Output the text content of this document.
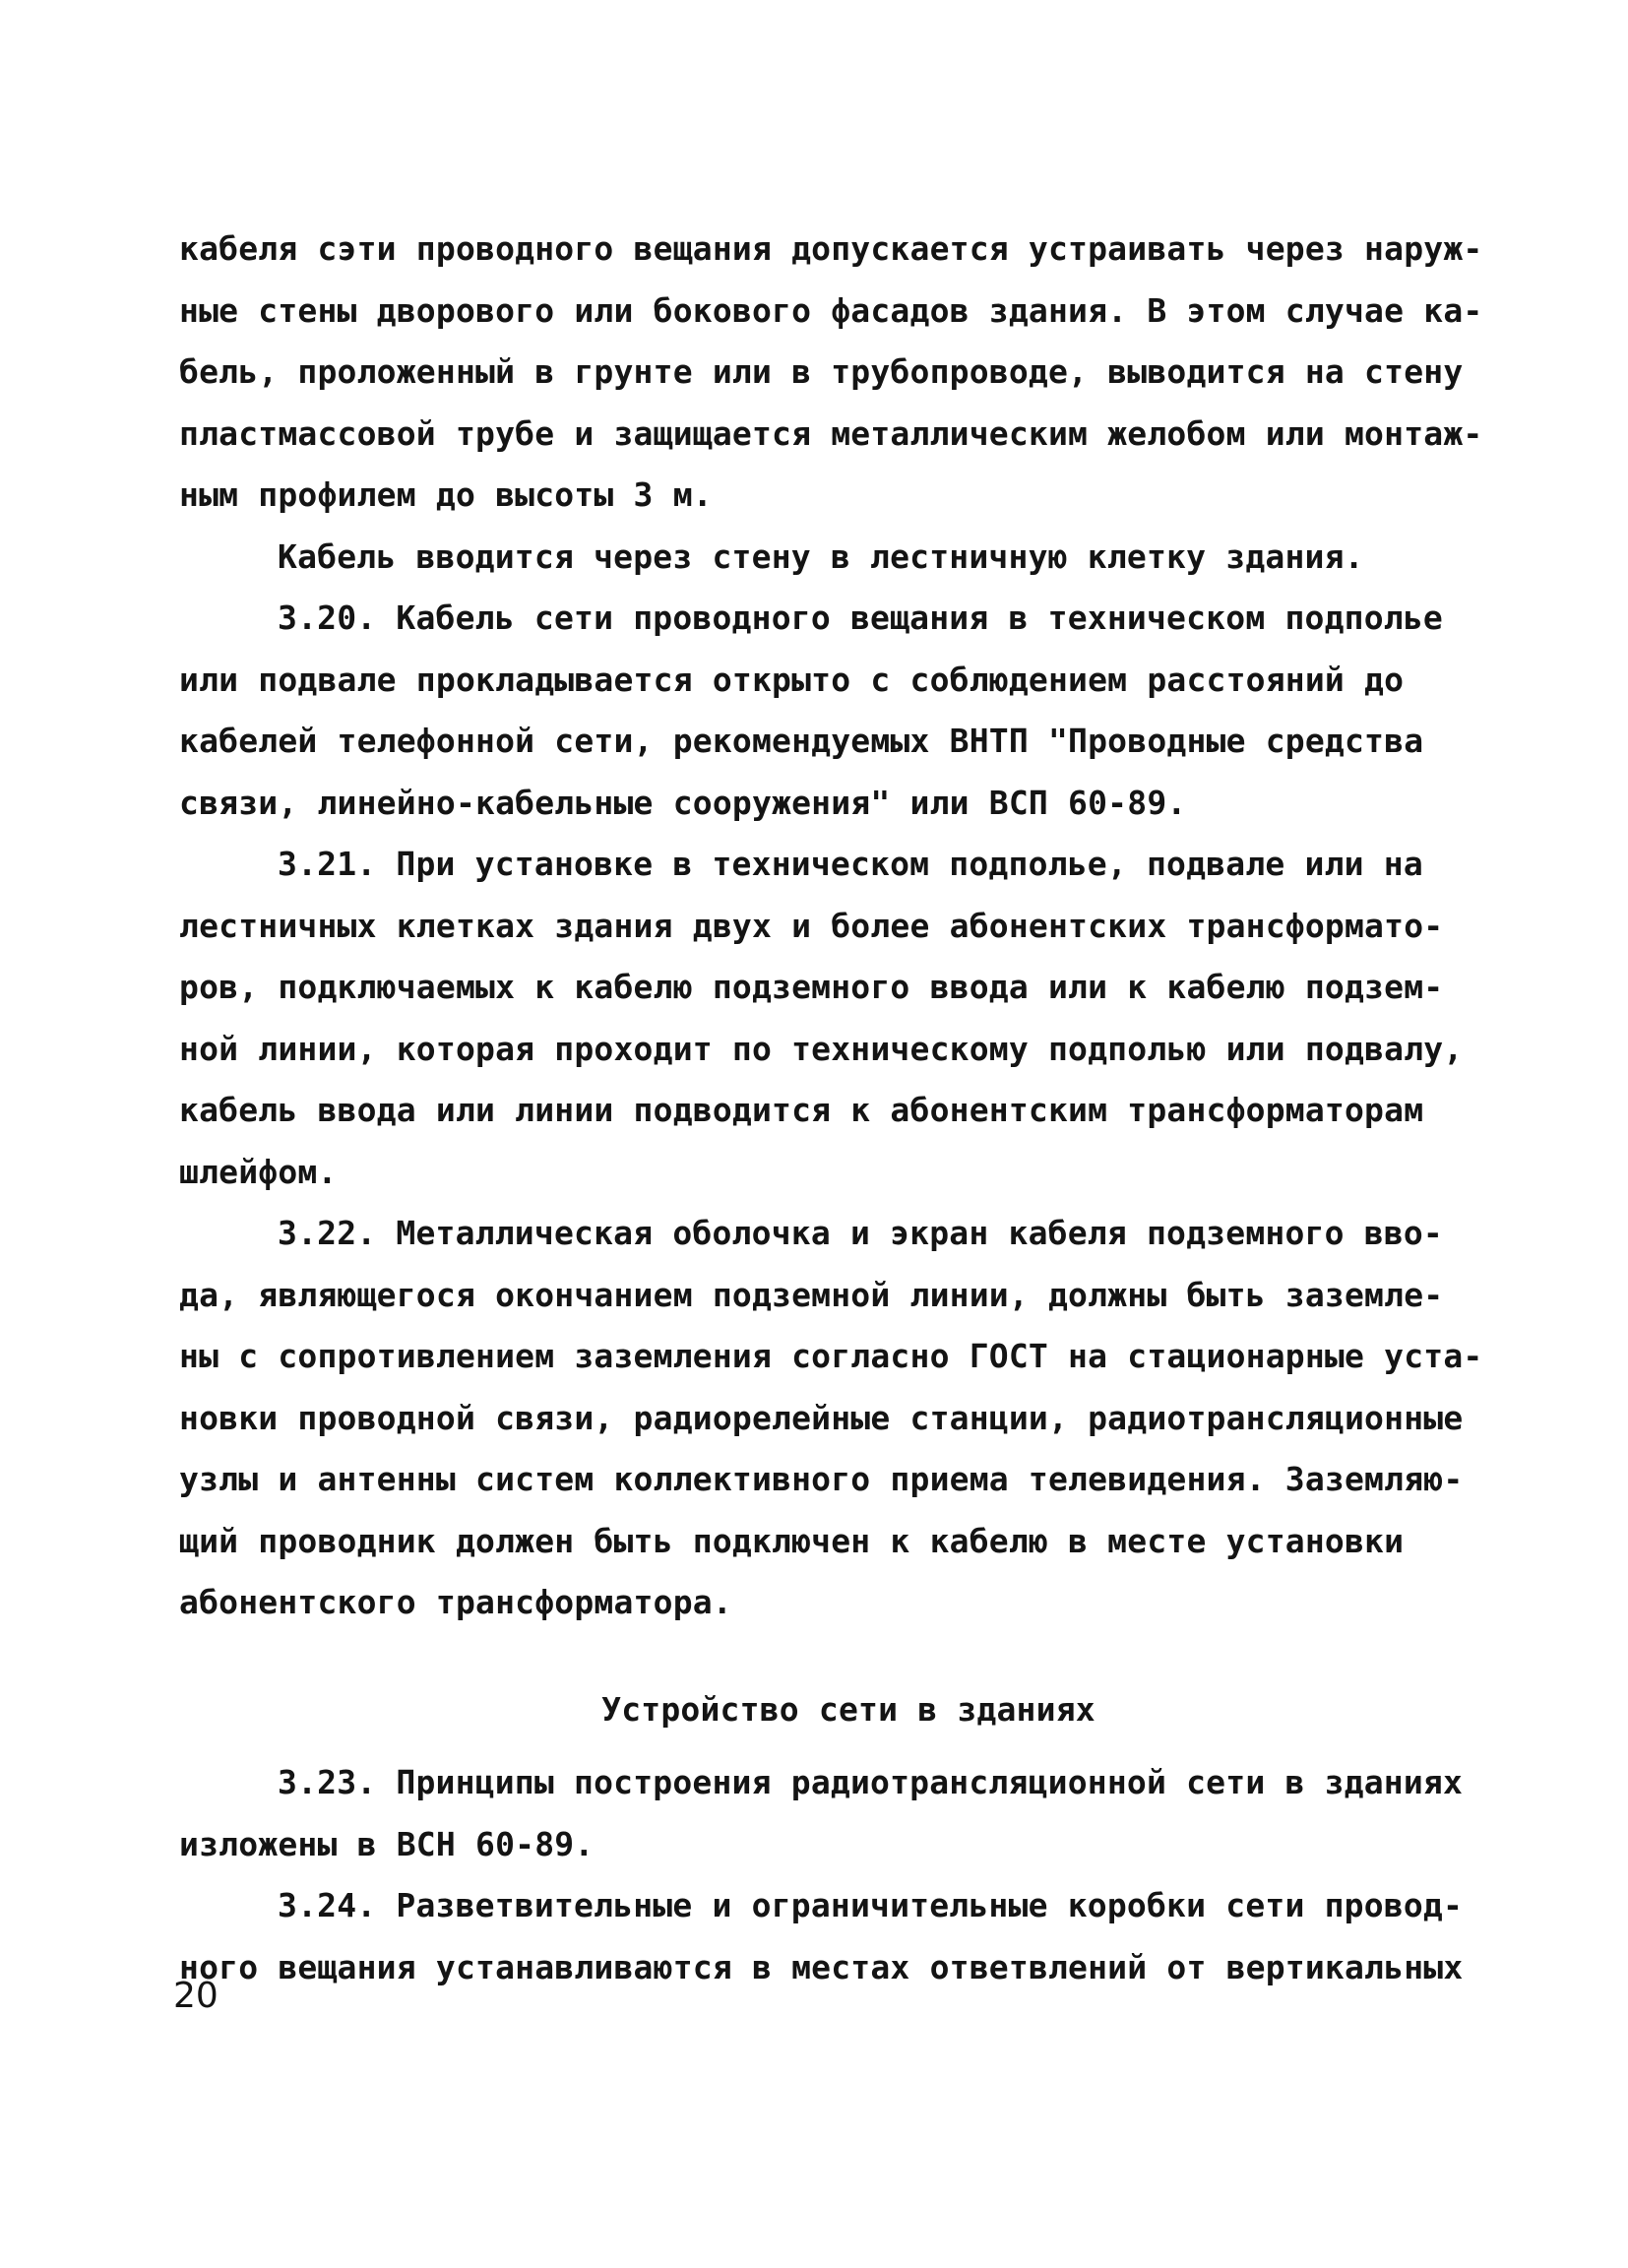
кабеля сэти проводного вещания допускается устраивать через наруж-
ные стены дворового или бокового фасадов здания. В этом случае ка-
бель, проложенный в грунте или в трубопроводе, выводится на стену
пластмассовой трубе и защищается металлическим желобом или монтаж-
ным профилем до высоты 3 м.
Кабель вводится через стену в лестничную клетку здания.
3.20. Кабель сети проводного вещания в техническом подполье
или подвале прокладывается открыто с соблюдением расстояний до
кабелей телефонной сети, рекомендуемых ВНТП "Проводные средства
связи, линейно-кабельные сооружения" или ВСП 60-89.
3.21. При установке в техническом подполье, подвале или на
лестничных клетках здания двух и более абонентских трансформато-
ров, подключаемых к кабелю подземного ввода или к кабелю подзем-
ной линии, которая проходит по техническому подполью или подвалу,
кабель ввода или линии подводится к абонентским трансформаторам
шлейфом.
3.22. Металлическая оболочка и экран кабеля подземного вво-
да, являющегося окончанием подземной линии, должны быть заземле-
ны с сопротивлением заземления согласно ГОСТ на стационарные уста-
новки проводной связи, радиорелейные станции, радиотрансляционные
узлы и антенны систем коллективного приема телевидения. Заземляю-
щий проводник должен быть подключен к кабелю в месте установки
абонентского трансформатора.
Устройство сети в зданиях
3.23. Принципы построения радиотрансляционной сети в зданиях
изложены в ВСН 60-89.
3.24. Разветвительные и ограничительные коробки сети провод-
ного вещания устанавливаются в местах ответвлений от вертикальных
20
